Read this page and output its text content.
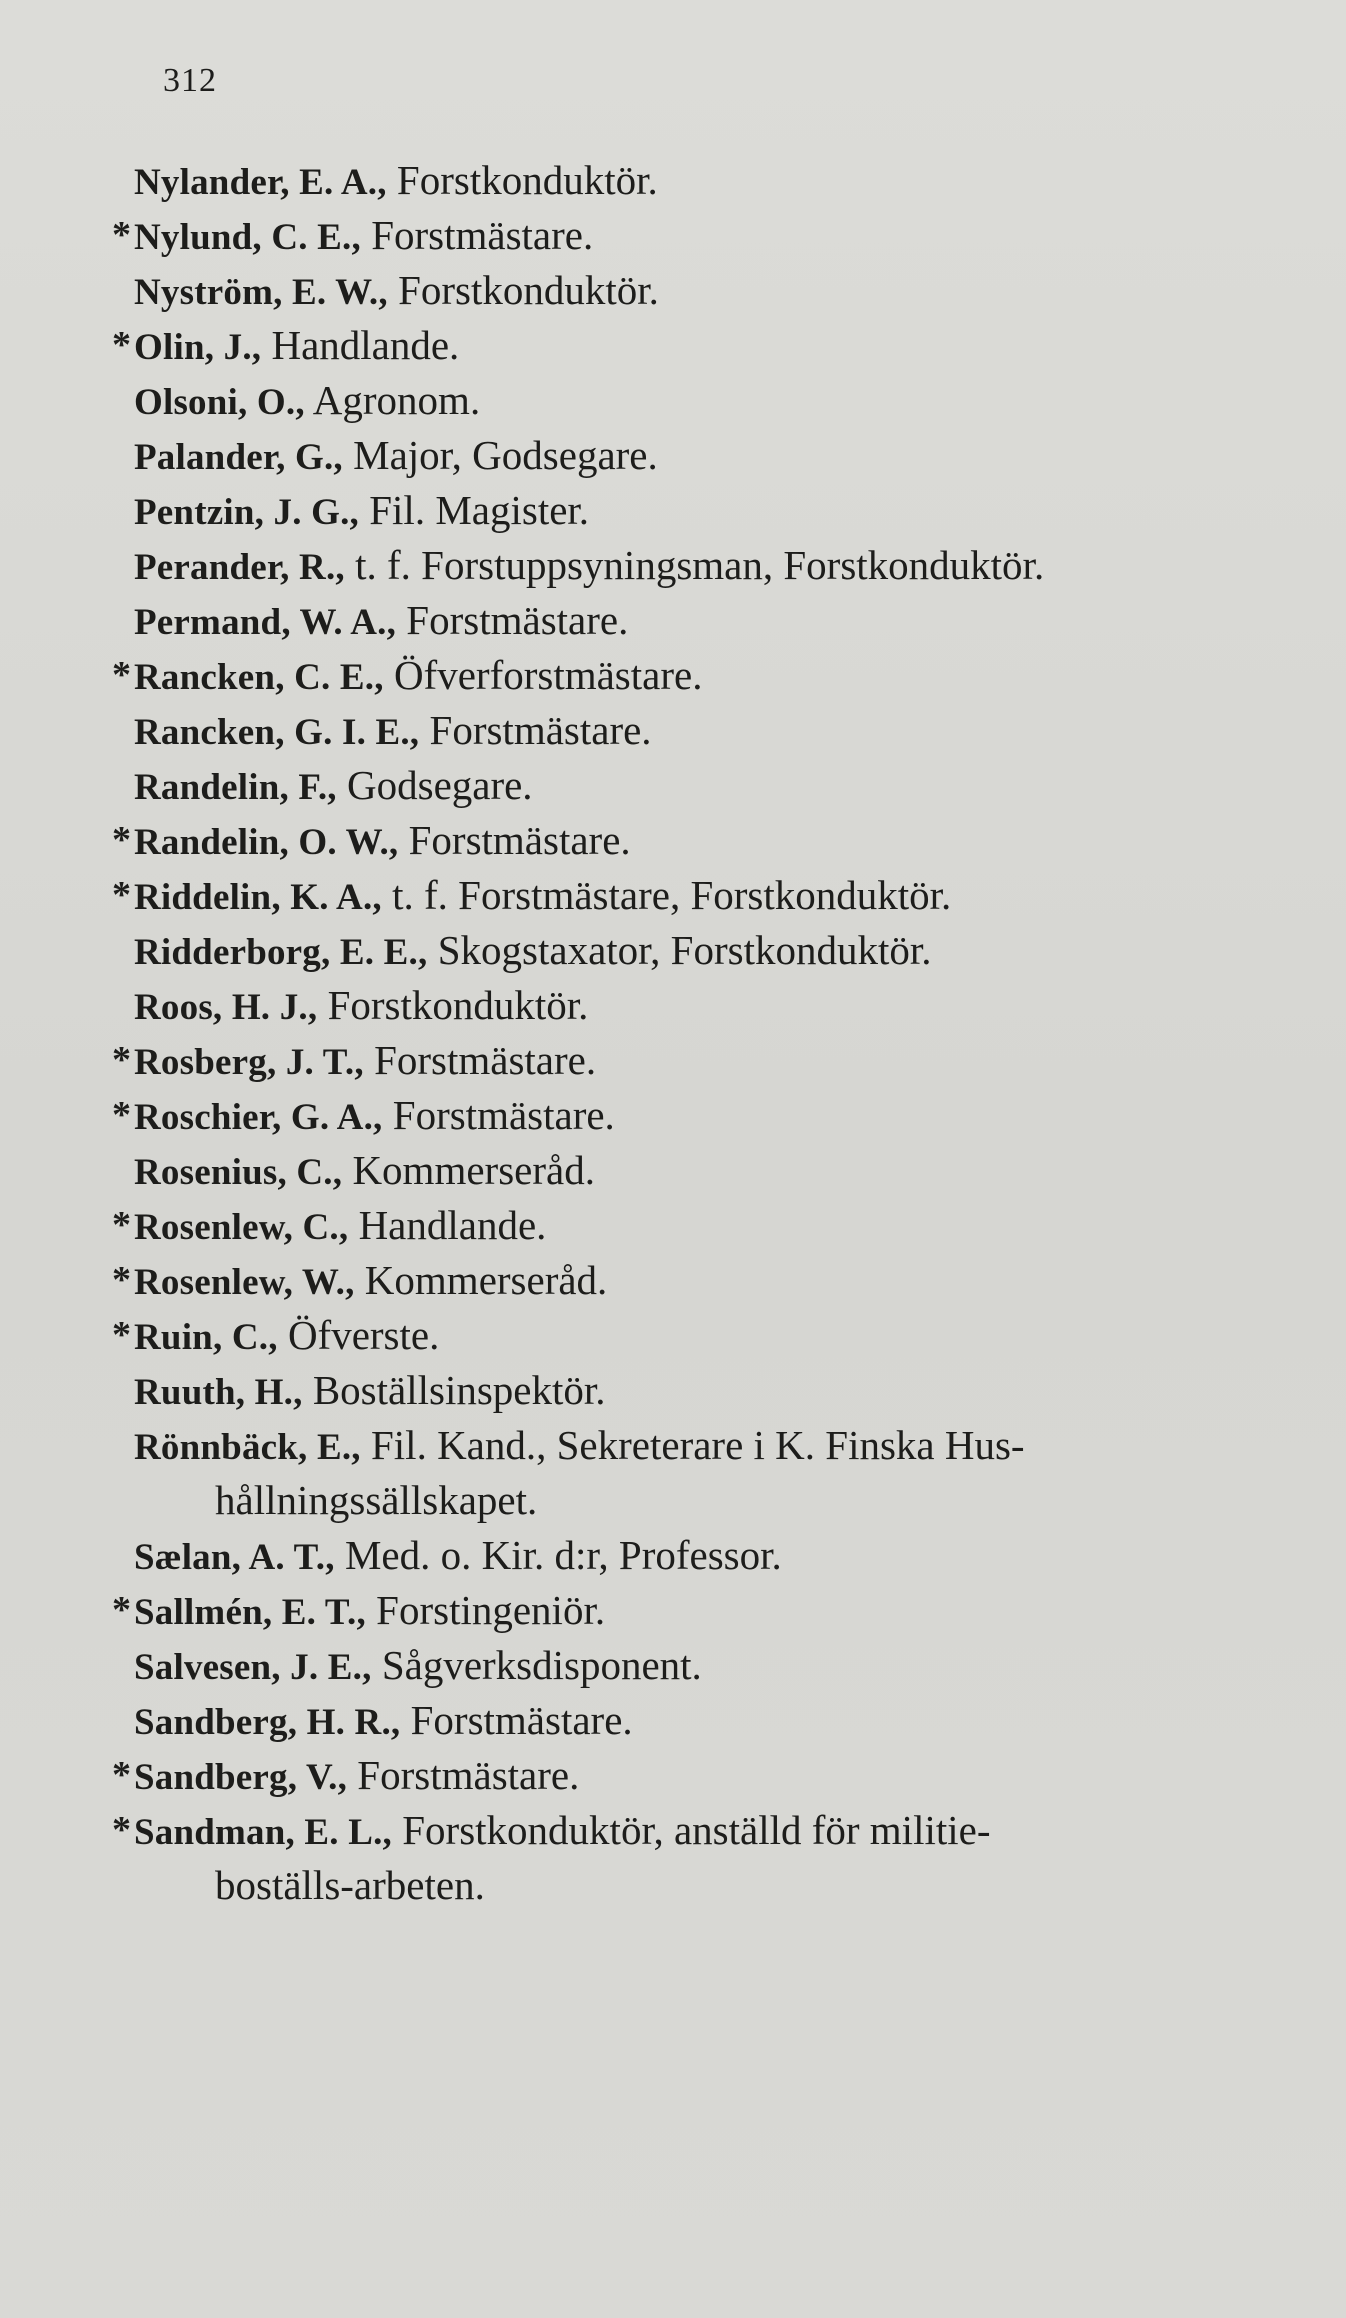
312
Nylander, E. A., Forstkonduktör.
* Nylund, C. E., Forstmästare.
Nyström, E. W., Forstkonduktör.
* Olin, J., Handlande.
Olsoni, O., Agronom.
Palander, G., Major, Godsegare.
Pentzin, J. G., Fil. Magister.
Perander, R., t. f. Forstuppsyningsman, Forstkonduktör.
Permand, W. A., Forstmästare.
* Rancken, C. E., Öfverforstmästare.
Rancken, G. I. E., Forstmästare.
Randelin, F., Godsegare.
* Randelin, O. W., Forstmästare.
* Riddelin, K. A., t. f. Forstmästare, Forstkonduktör.
Ridderborg, E. E., Skogstaxator, Forstkonduktör.
Roos, H. J., Forstkonduktör.
* Rosberg, J. T., Forstmästare.
* Roschier, G. A., Forstmästare.
Rosenius, C., Kommerseråd.
* Rosenlew, C., Handlande.
* Rosenlew, W., Kommerseråd.
* Ruin, C., Öfverste.
Ruuth, H., Boställsinspektör.
Rönnbäck, E., Fil. Kand., Sekreterare i K. Finska Hus-
hållningssällskapet.
Sælan, A. T., Med. o. Kir. d:r, Professor.
* Sallmén, E. T., Forstingeniör.
Salvesen, J. E., Sågverksdisponent.
Sandberg, H. R., Forstmästare.
* Sandberg, V., Forstmästare.
* Sandman, E. L., Forstkonduktör, anställd för militie-
boställs-arbeten.
